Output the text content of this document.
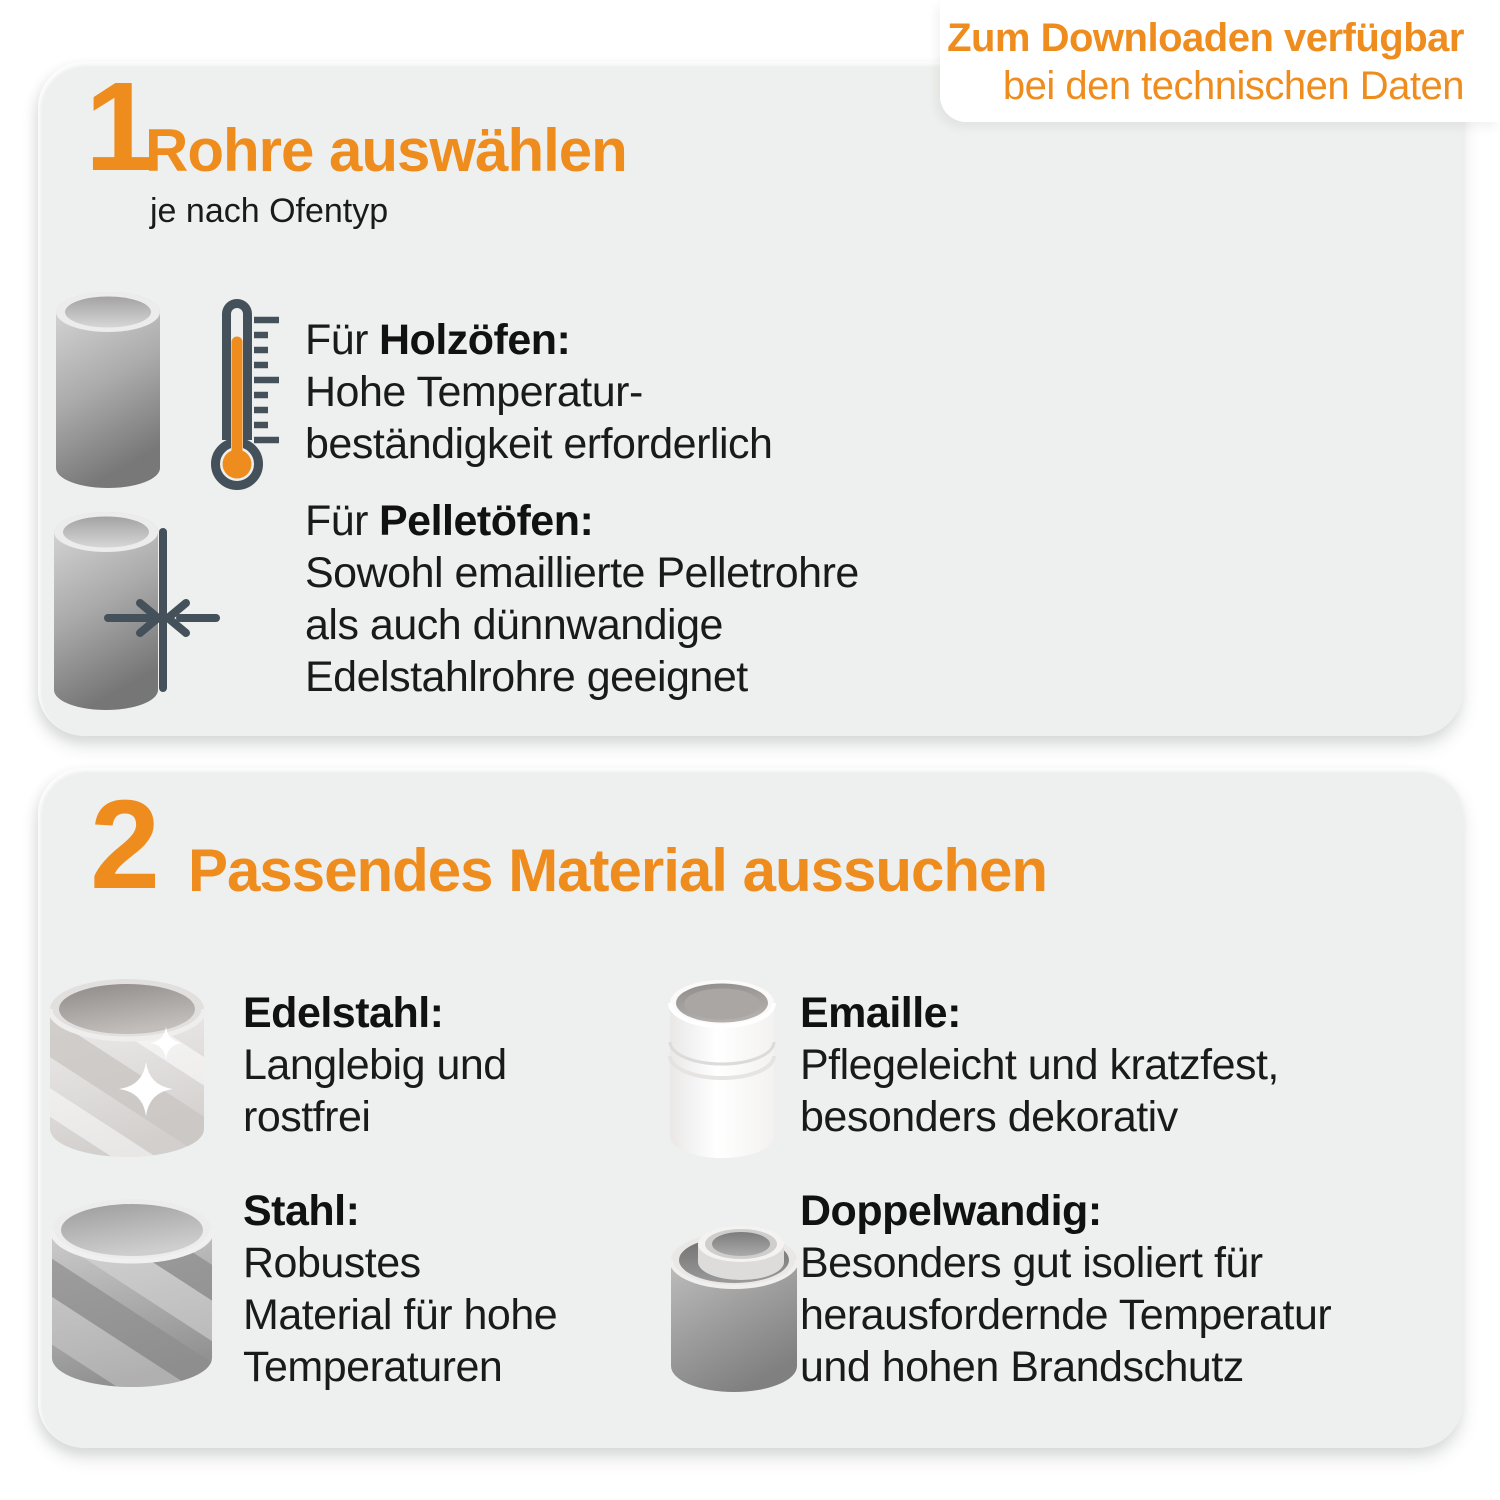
Zum Downloaden verfügbar
bei den technischen Daten
1
Rohre auswählen
je nach Ofentyp
Für Holzöfen:
Hohe Temperatur-
beständigkeit erforderlich
Für Pelletöfen:
Sowohl emaillierte Pelletrohre
als auch dünnwandige
Edelstahlrohre geeignet
2 Passendes Material aussuchen
Edelstahl:
Langlebig und
rostfrei
Emaille:
Pflegeleicht und kratzfest,
besonders dekorativ
Stahl:
Robustes
Material für hohe
Temperaturen
Doppelwandig:
Besonders gut isoliert für
herausfordernde Temperatur
und hohen Brandschutz
